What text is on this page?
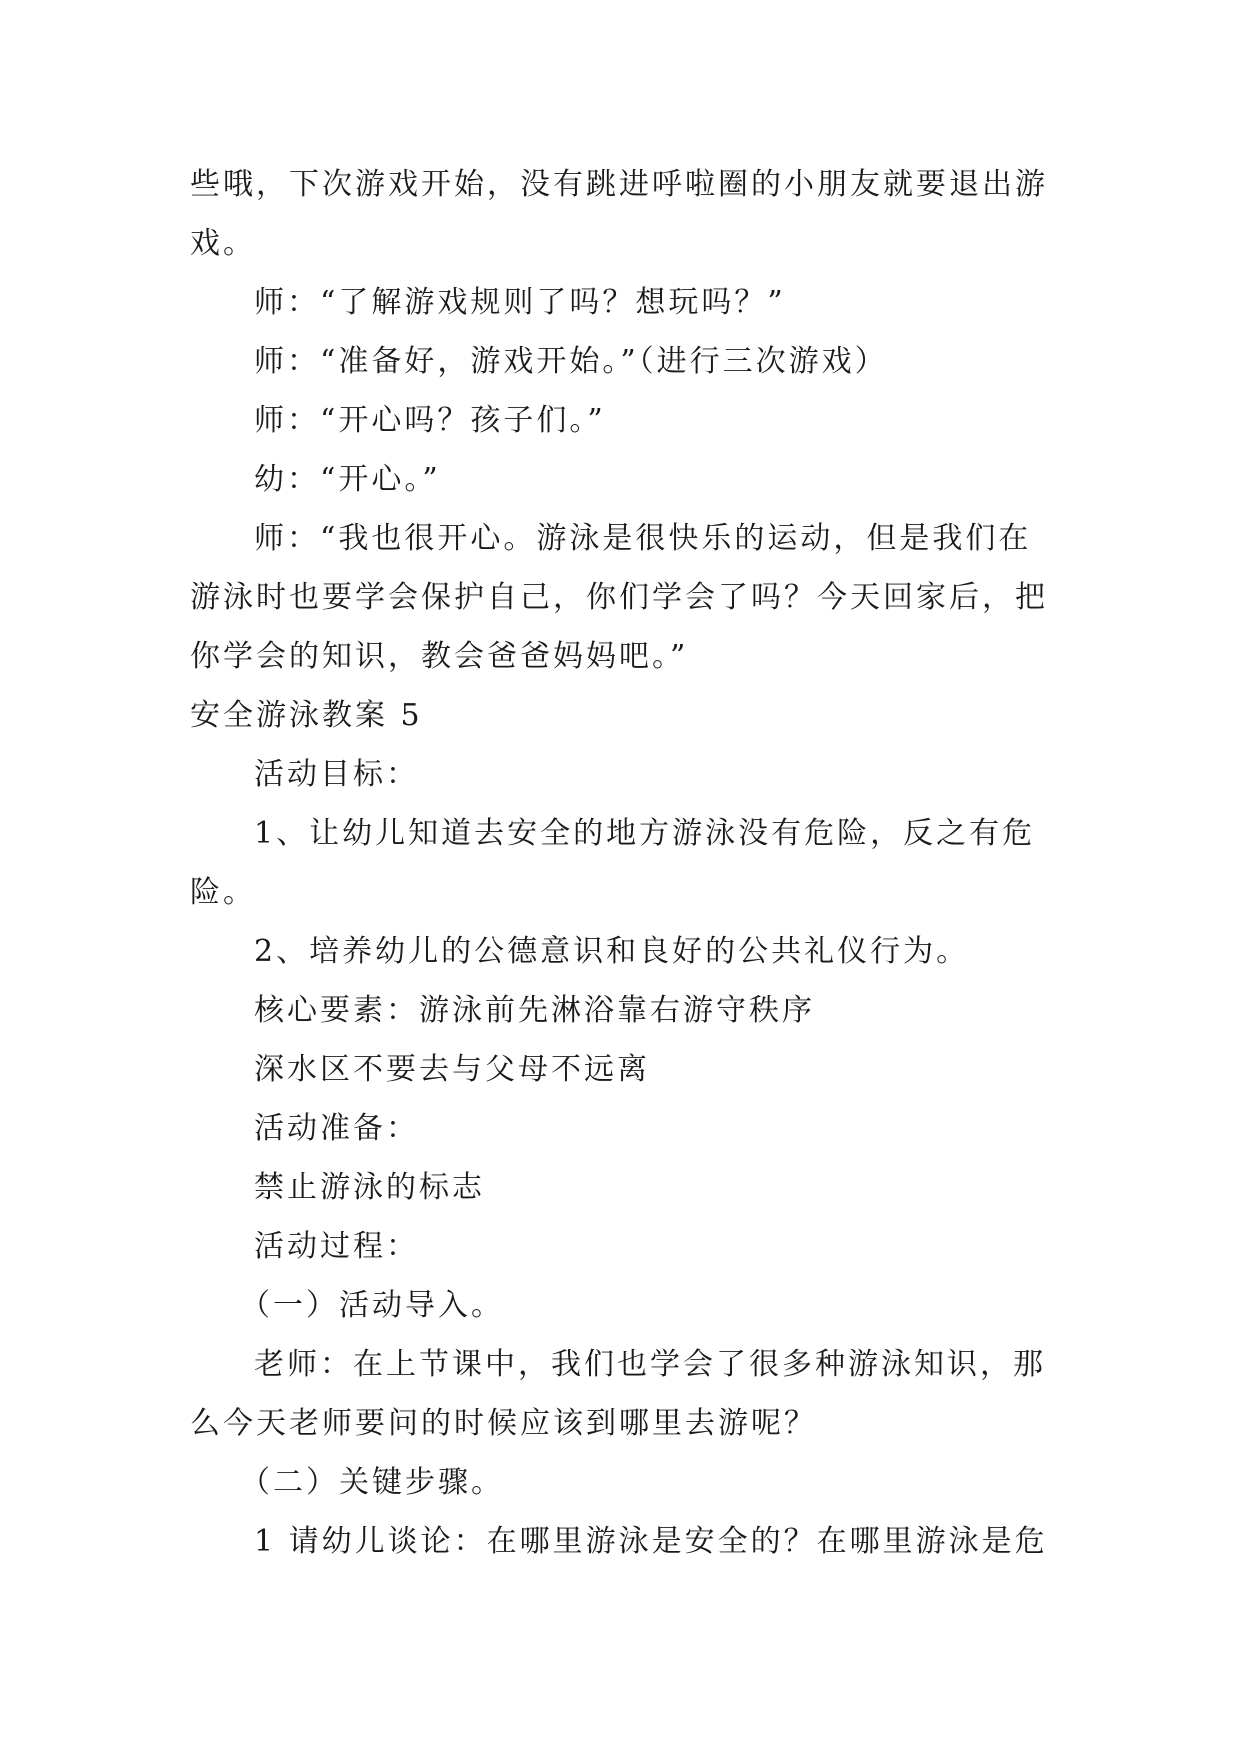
些哦，下次游戏开始，没有跳进呼啦圈的小朋友就要退出游

戏。

师：“了解游戏规则了吗？想玩吗？”

师：“准备好，游戏开始。”（进行三次游戏）

师：“开心吗？孩子们。”

幼：“开心。”

师：“我也很开心。游泳是很快乐的运动，但是我们在

游泳时也要学会保护自己，你们学会了吗？今天回家后，把

你学会的知识，教会爸爸妈妈吧。”

安全游泳教案 5

活动目标：

1、让幼儿知道去安全的地方游泳没有危险，反之有危

险。

2、培养幼儿的公德意识和良好的公共礼仪行为。

核心要素：游泳前先淋浴靠右游守秩序

深水区不要去与父母不远离

活动准备：

禁止游泳的标志

活动过程：

（一）活动导入。

老师：在上节课中，我们也学会了很多种游泳知识，那

么今天老师要问的时候应该到哪里去游呢？

（二）关键步骤。

1 请幼儿谈论：在哪里游泳是安全的？在哪里游泳是危
